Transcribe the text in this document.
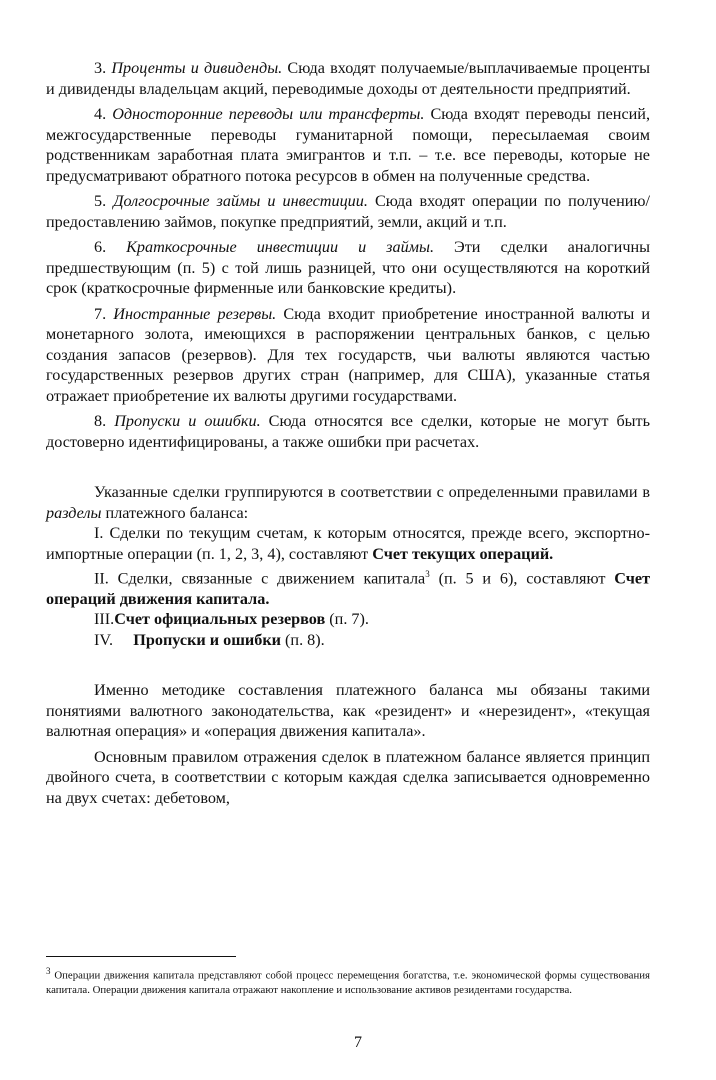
3. Проценты и дивиденды. Сюда входят получаемые/выплачиваемые проценты и дивиденды владельцам акций, переводимые доходы от деятельности предприятий.

4. Односторонние переводы или трансферты. Сюда входят переводы пенсий, межгосударственные переводы гуманитарной помощи, пересылаемая своим родственникам заработная плата эмигрантов и т.п. – т.е. все переводы, которые не предусматривают обратного потока ресурсов в обмен на полученные средства.

5. Долгосрочные займы и инвестиции. Сюда входят операции по получению/предоставлению займов, покупке предприятий, земли, акций и т.п.

6. Краткосрочные инвестиции и займы. Эти сделки аналогичны предшествующим (п. 5) с той лишь разницей, что они осуществляются на короткий срок (краткосрочные фирменные или банковские кредиты).

7. Иностранные резервы. Сюда входит приобретение иностранной валюты и монетарного золота, имеющихся в распоряжении центральных банков, с целью создания запасов (резервов). Для тех государств, чьи валюты являются частью государственных резервов других стран (например, для США), указанные статья отражает приобретение их валюты другими государствами.

8. Пропуски и ошибки. Сюда относятся все сделки, которые не могут быть достоверно идентифицированы, а также ошибки при расчетах.

Указанные сделки группируются в соответствии с определенными правилами в разделы платежного баланса:

I. Сделки по текущим счетам, к которым относятся, прежде всего, экспортно-импортные операции (п. 1, 2, 3, 4), составляют Счет текущих операций.

II. Сделки, связанные с движением капитала$^3$ (п. 5 и 6), составляют Счет операций движения капитала.

III.Счет официальных резервов (п. 7).

IV. Пропуски и ошибки (п. 8).

Именно методике составления платежного баланса мы обязаны такими понятиями валютного законодательства, как «резидент» и «нерезидент», «текущая валютная операция» и «операция движения капитала».

Основным правилом отражения сделок в платежном балансе является принцип двойного счета, в соответствии с которым каждая сделка записывается одновременно на двух счетах: дебетовом,

$^3$ Операции движения капитала представляют собой процесс перемещения богатства, т.е. экономической формы существования капитала. Операции движения капитала отражают накопление и использование активов резидентами государства.
7
